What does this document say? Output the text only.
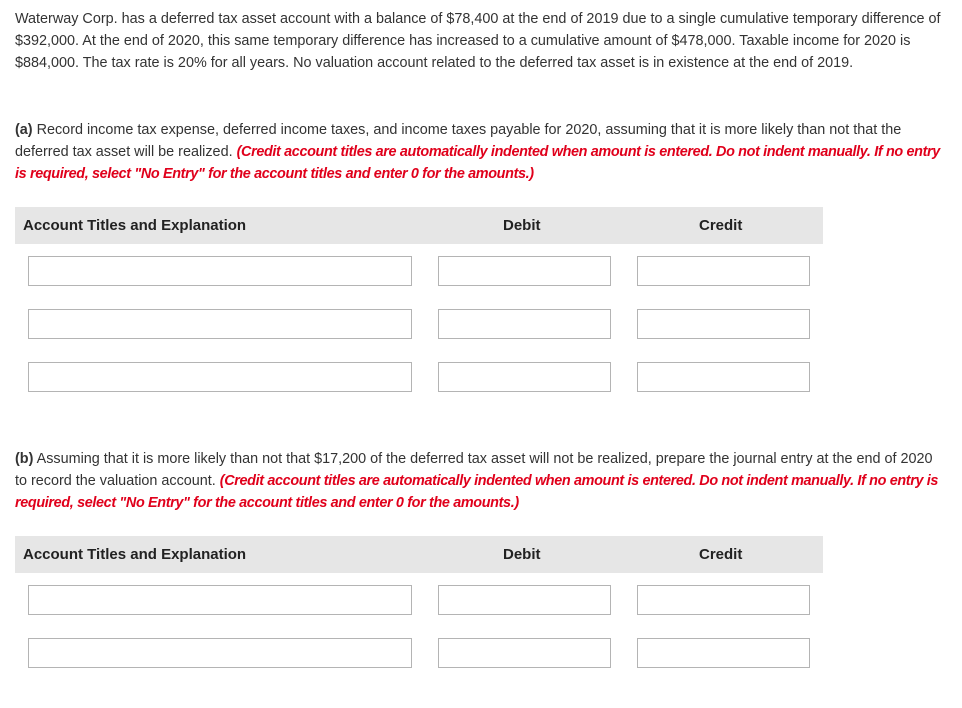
Waterway Corp. has a deferred tax asset account with a balance of $78,400 at the end of 2019 due to a single cumulative temporary difference of $392,000. At the end of 2020, this same temporary difference has increased to a cumulative amount of $478,000. Taxable income for 2020 is $884,000. The tax rate is 20% for all years. No valuation account related to the deferred tax asset is in existence at the end of 2019.

(a) Record income tax expense, deferred income taxes, and income taxes payable for 2020, assuming that it is more likely than not that the deferred tax asset will be realized. (Credit account titles are automatically indented when amount is entered. Do not indent manually. If no entry is required, select "No Entry" for the account titles and enter 0 for the amounts.)

Account Titles and Explanation	Debit	Credit

(b) Assuming that it is more likely than not that $17,200 of the deferred tax asset will not be realized, prepare the journal entry at the end of 2020 to record the valuation account. (Credit account titles are automatically indented when amount is entered. Do not indent manually. If no entry is required, select "No Entry" for the account titles and enter 0 for the amounts.)

Account Titles and Explanation	Debit	Credit
